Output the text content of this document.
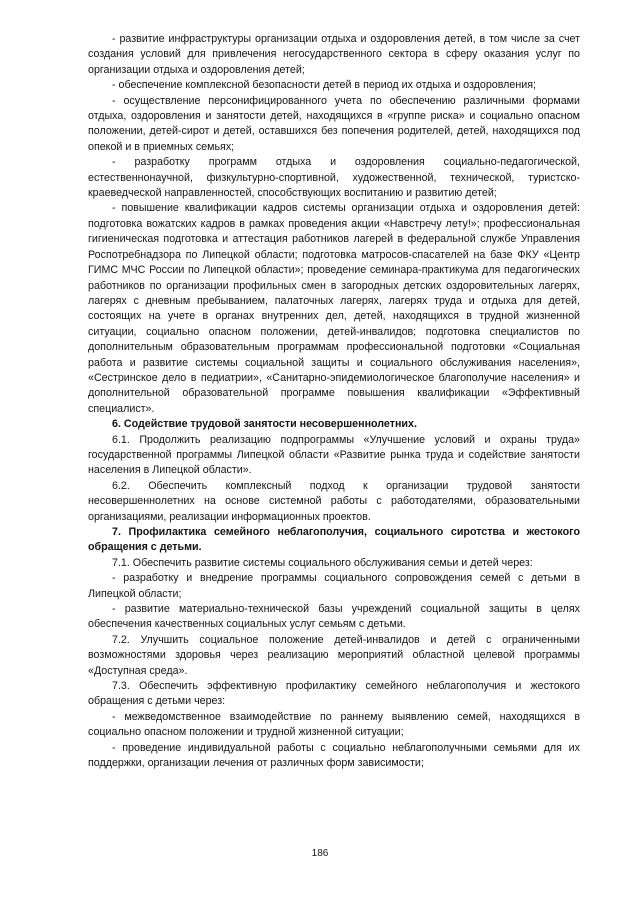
- развитие инфраструктуры организации отдыха и оздоровления детей, в том числе за счет создания условий для привлечения негосударственного сектора в сферу оказания услуг по организации отдыха и оздоровления детей;

- обеспечение комплексной безопасности детей в период их отдыха и оздоровления;

- осуществление персонифицированного учета по обеспечению различными формами отдыха, оздоровления и занятости детей, находящихся в «группе риска» и социально опасном положении, детей-сирот и детей, оставшихся без попечения родителей, детей, находящихся под опекой и в приемных семьях;

- разработку программ отдыха и оздоровления социально-педагогической, естественнонаучной, физкультурно-спортивной, художественной, технической, туристско-краеведческой направленностей, способствующих воспитанию и развитию детей;

- повышение квалификации кадров системы организации отдыха и оздоровления детей: подготовка вожатских кадров в рамках проведения акции «Навстречу лету!»; профессиональная гигиеническая подготовка и аттестация работников лагерей в федеральной службе Управления Роспотребнадзора по Липецкой области; подготовка матросов-спасателей на базе ФКУ «Центр ГИМС МЧС России по Липецкой области»; проведение семинара-практикума для педагогических работников по организации профильных смен в загородных детских оздоровительных лагерях, лагерях с дневным пребыванием, палаточных лагерях, лагерях труда и отдыха для детей, состоящих на учете в органах внутренних дел, детей, находящихся в трудной жизненной ситуации, социально опасном положении, детей-инвалидов; подготовка специалистов по дополнительным образовательным программам профессиональной подготовки «Социальная работа и развитие системы социальной защиты и социального обслуживания населения», «Сестринское дело в педиатрии», «Санитарно-эпидемиологическое благополучие населения» и дополнительной образовательной программе повышения квалификации «Эффективный специалист».

6. Содействие трудовой занятости несовершеннолетних.

6.1. Продолжить реализацию подпрограммы «Улучшение условий и охраны труда» государственной программы Липецкой области «Развитие рынка труда и содействие занятости населения в Липецкой области».

6.2. Обеспечить комплексный подход к организации трудовой занятости несовершеннолетних на основе системной работы с работодателями, образовательными организациями, реализации информационных проектов.

7. Профилактика семейного неблагополучия, социального сиротства и жестокого обращения с детьми.

7.1. Обеспечить развитие системы социального обслуживания семьи и детей через:

- разработку и внедрение программы социального сопровождения семей с детьми в Липецкой области;

- развитие материально-технической базы учреждений социальной защиты в целях обеспечения качественных социальных услуг семьям с детьми.

7.2. Улучшить социальное положение детей-инвалидов и детей с ограниченными возможностями здоровья через реализацию мероприятий областной целевой программы «Доступная среда».

7.3. Обеспечить эффективную профилактику семейного неблагополучия и жестокого обращения с детьми через:

- межведомственное взаимодействие по раннему выявлению семей, находящихся в социально опасном положении и трудной жизненной ситуации;

- проведение индивидуальной работы с социально неблагополучными семьями для их поддержки, организации лечения от различных форм зависимости;

186
